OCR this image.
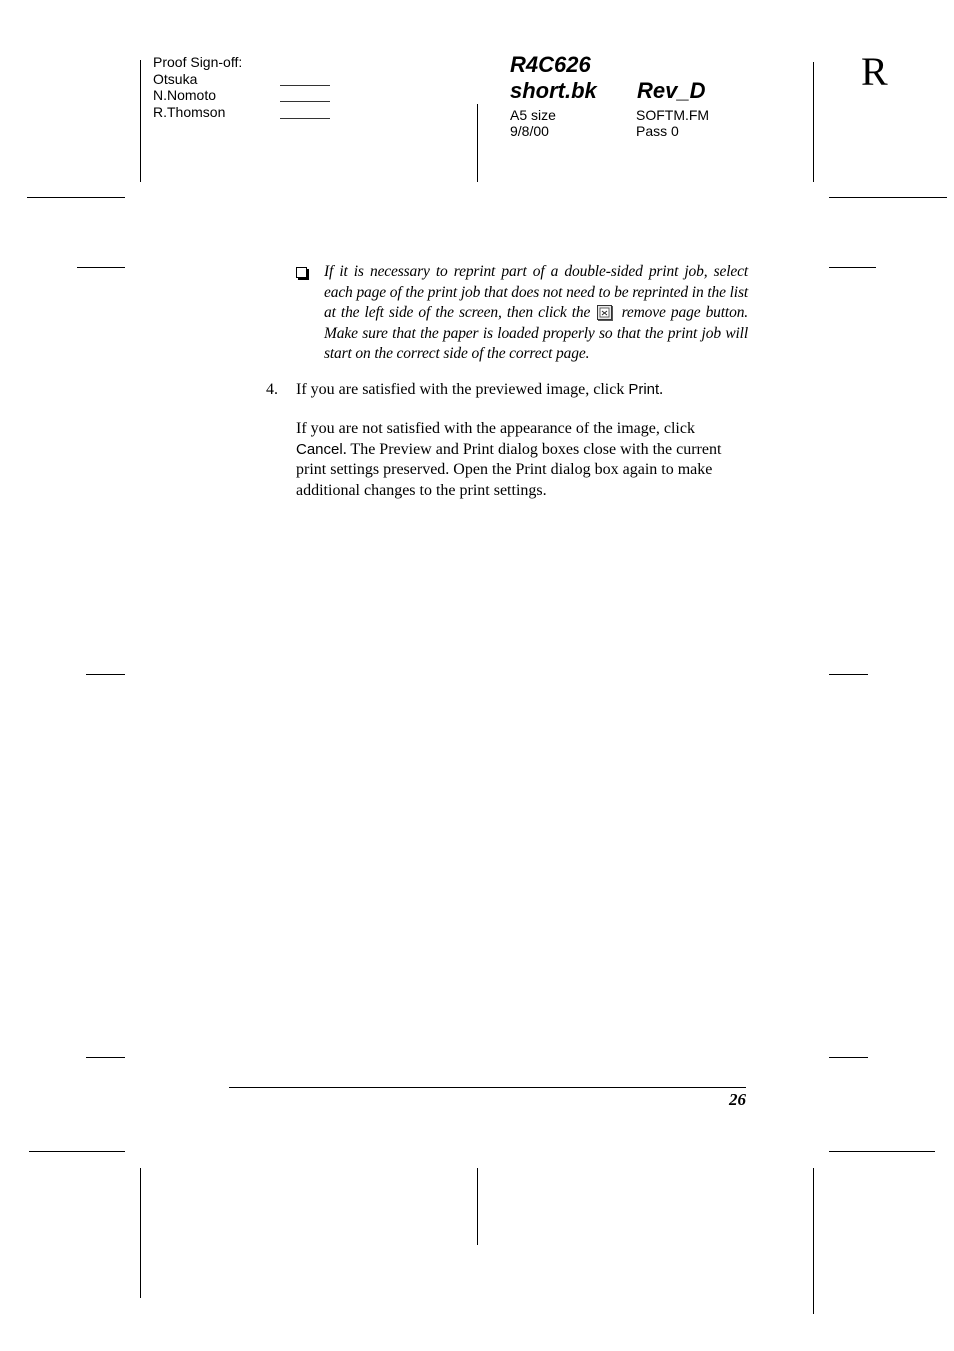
Proof Sign-off:
Otsuka
N.Nomoto
R.Thomson
R4C626
short.bk Rev_D
A5 size
9/8/00
SOFTM.FM
Pass 0
R
If it is necessary to reprint part of a double-sided print job, select each page of the print job that does not need to be reprinted in the list at the left side of the screen, then click the remove page button. Make sure that the paper is loaded properly so that the print job will start on the correct side of the correct page.
4. If you are satisfied with the previewed image, click Print.
If you are not satisfied with the appearance of the image, click Cancel. The Preview and Print dialog boxes close with the current print settings preserved. Open the Print dialog box again to make additional changes to the print settings.
26
